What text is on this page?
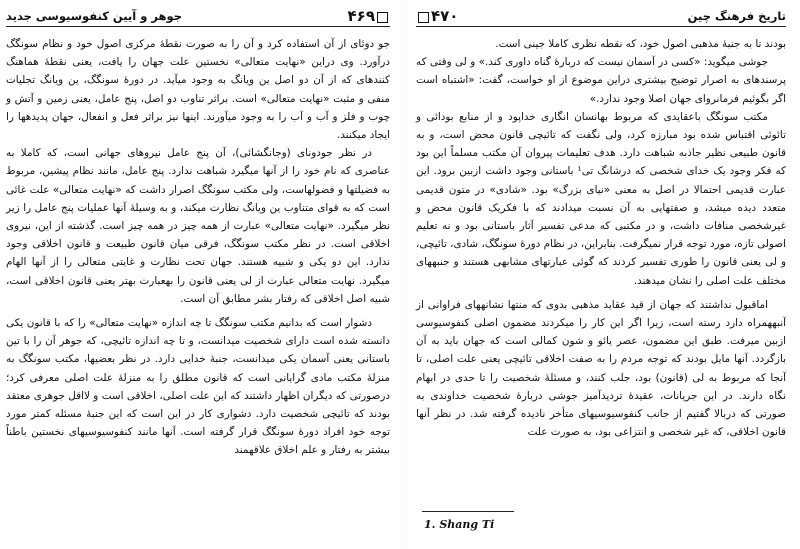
۴۶۹
جوهر و آیین کنفوسیوسی جدید

جو دوئای از آن استفاده کرد و آن را به صورت نقطهٔ مرکزی اصول خود و نظام سونگگ درآورد. وی دراین «نهایت متعالی» نخستین علت جهان را یافت، یعنی نقطهٔ هماهنگ کنندهای که از آن دو اصل ین ویانگ به وجود میآید. در دورهٔ سونگگ، ین ویانگ تجلیات منفی و مثبت «نهایت متعالی» است. براثر تناوب دو اصل، پنج عامل، یعنی زمین و آتش و چوب و فلز و آب و آب را به وجود میآورند. اینها نیز براثر فعل و انفعال، جهان پدیدهها را ایجاد میکنند.

در نظر جودونای (وجانگشائی)، آن پنج عامل نیروهای جهانی است، که کاملا به عناصری که نام خود را از آنها میگیرد شباهت ندارد. پنج عامل، مانند نظام پیشین، مربوط به فضیلتها و فضولهاست، ولی مکتب سونگگ اصرار داشت که «نهایت متعالی» علت غائی است که به قوای متناوب ین ویانگ نظارت میکند، و به وسیلهٔ آنها عملیات پنج عامل را زیر نظر میگیرد. «نهایت متعالی» عبارت از همه چیز در همه چیز است. گذشته از این، نیروی اخلاقی است. در نظر مکتب سونگگ، فرقی میان قانون طبیعت و قانون اخلاقی وجود ندارد. این دو یکی و شبیه هستند. جهان تحت نظارت و غایتی متعالی را از آنها الهام میگیرد. نهایت متعالی عبارت از لی یعنی قانون را بهعبارت بهتر یعنی قانون اخلاقی است، شبیه اصل اخلاقی که رفتار بشر مطابق آن است.

دشوار است که بدانیم مکتب سونگگ تا چه اندازه «نهایت متعالی» را که با قانون یکی دانسته شده است دارای شخصیت میدانست، و تا چه اندازه تائیچی، که جوهر آن را با تین باستانی یعنی آسمان یکی میدانست، جنبهٔ خدایی دارد. در نظر بعضیها، مکتب سونگگ به منزلهٔ مکتب مادی گرایانی است که قانون مطلق را به منزلهٔ علت اصلی معرفی کرد؛ درصورتی که دیگران اظهار داشتند که این علت اصلی، اخلاقی است و لااقل جوهری معتقد بودند که تائیچی شخصیت دارد. دشواری کار در این است که این جنبهٔ مسئله کمتر مورد توجه خود افراد دورهٔ سونگگ قرار گرفته است. آنها مانند کنفوسیوسیهای نخستین باطناً بیشتر به رفتار و علم اخلاق علاقهمند

تاریخ فرهنگ چین
۴۷۰

بودند تا به جنبهٔ مذهبی اصول خود، که نقطه نظری کاملا جینی است.

جوشی میگوید: «کسی در آسمان نیست که دربارهٔ گناه داوری کند.» و لی وقتی که پرسندهای به اصرار توضیح بیشتری دراین موضوع از او خواست، گفت: «اشتباه است اگر بگوئیم فرمانروای جهان اصلا وجود ندارد.»

مکتب سونگگ باعقایدی که مربوط بهانسان انگاری خداپود و از منابع بودائی و تائوئی اقتباس شده بود مبارزه کرد، ولی نگفت که تائیچی قانون محض است، و به قانون طبیعی نظیر جاذبه شباهت دارد. هدف تعلیمات پیروان آن مکتب مسلماً این بود که فکر وجود یک خدای شخصی که درشانگ تی¹ باستانی وجود داشت ازبین برود. این عبارت قدیمی احتمالا در اصل به معنی «نیای بزرگ» بود. «شادی» در متون قدیمی متعدد دیده میشد، و صفتهایی به آن نسبت میدادند که با فکریک قانون محض و غیرشخصی منافات داشت، و در مکتبی که مدعی تفسیر آثار باستانی بود و نه تعلیم اصولی تازه، مورد توجه قرار نمیگرفت. بنابراین، در نظام دورهٔ سونگگ، شادی، تائیچی، و لی یعنی قانون را طوری تفسیر کردند که گوئی عبارتهای مشابهی هستند و جنبههای مختلف علت اصلی را نشان میدهند.

اماقبول نداشتند که جهان از قید عقاید مذهبی بدوی که منتها نشانههای فراوانی از آنبههمراه دارد رسته است، زیرا اگر این کار را میکردند مضمون اصلی کنفوسیوسی ازبین میرفت. طبق این مضمون، عصر یائو و شون کمالی است که جهان باید به آن بازگردد. آنها مایل بودند که توجه مردم را به صفت اخلاقی تائیچی یعنی علت اصلی، تا آنجا که مربوط به لی (قانون) بود، جلب کنند، و مسئلهٔ شخصیت را تا حدی در ابهام نگاه دارند. در این جریانات، عقیدهٔ تردیدآمیز جوشی دربارهٔ شخصیت خداوندی به صورتی که دربالا گفتیم از جانب کنفوسیوسیهای متأخر نادیده گرفته شد. در نظر آنها قانون اخلاقی، که غیر شخصی و انتزاعی بود، به صورت علت

1. Shang Ti
